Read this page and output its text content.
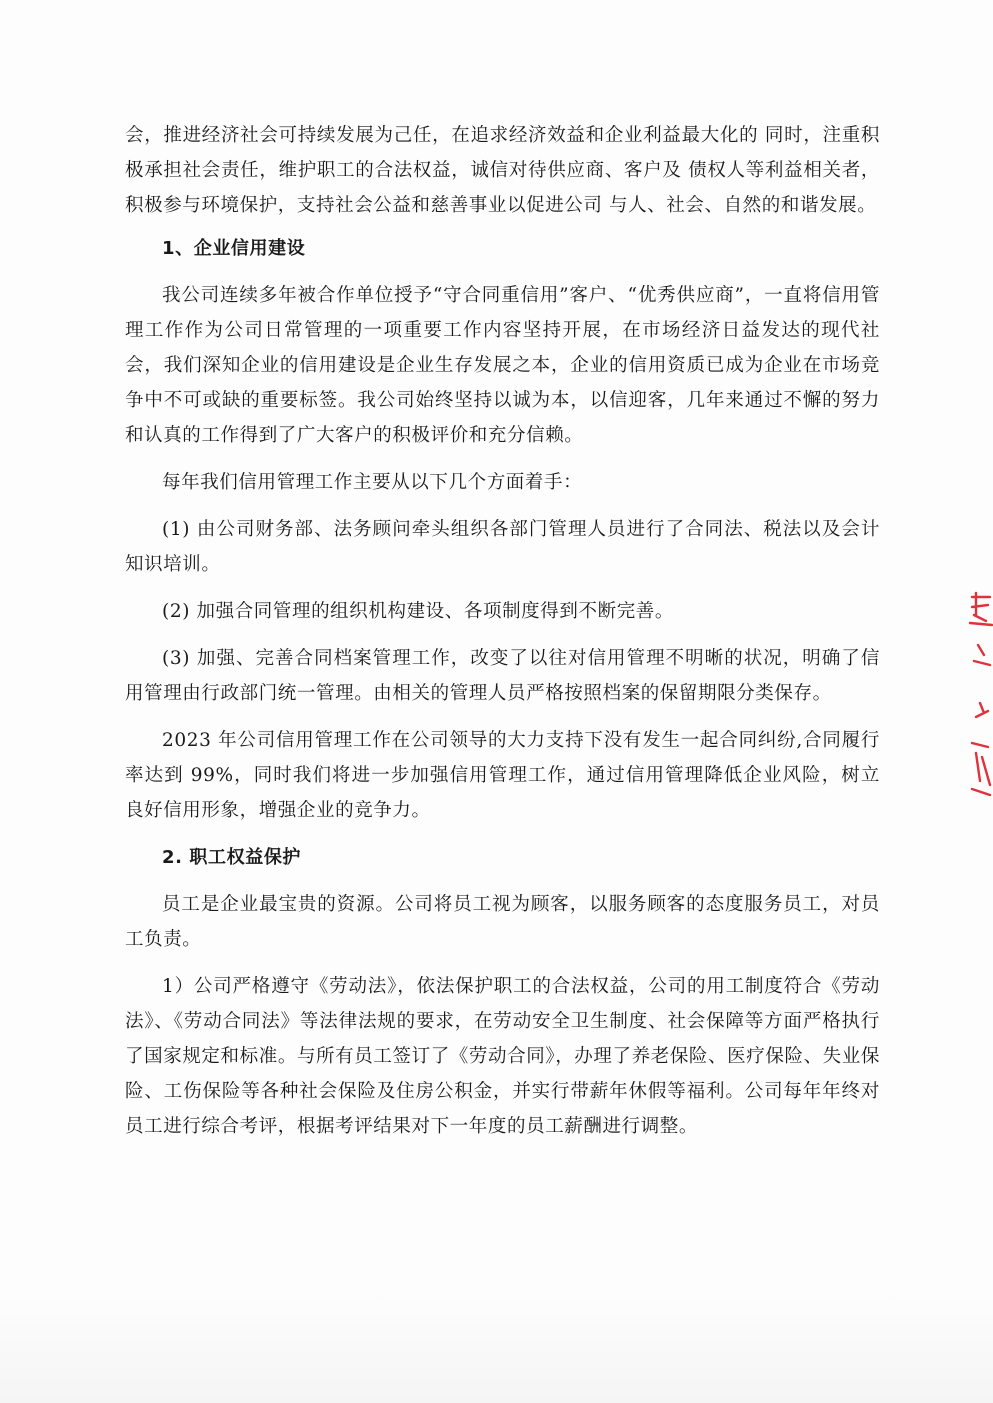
会，推进经济社会可持续发展为己任，在追求经济效益和企业利益最大化的 同时，注重积极承担社会责任，维护职工的合法权益，诚信对待供应商、客户及 债权人等利益相关者，积极参与环境保护，支持社会公益和慈善事业以促进公司 与人、社会、自然的和谐发展。

1、企业信用建设

我公司连续多年被合作单位授予“守合同重信用”客户、“优秀供应商”，一直将信用管理工作作为公司日常管理的一项重要工作内容坚持开展，在市场经济日益发达的现代社会，我们深知企业的信用建设是企业生存发展之本，企业的信用资质已成为企业在市场竞争中不可或缺的重要标签。我公司始终坚持以诚为本，以信迎客，几年来通过不懈的努力和认真的工作得到了广大客户的积极评价和充分信赖。

每年我们信用管理工作主要从以下几个方面着手：

(1) 由公司财务部、法务顾问牵头组织各部门管理人员进行了合同法、税法以及会计知识培训。

(2) 加强合同管理的组织机构建设、各项制度得到不断完善。

(3) 加强、完善合同档案管理工作，改变了以往对信用管理不明晰的状况，明确了信用管理由行政部门统一管理。由相关的管理人员严格按照档案的保留期限分类保存。

2023 年公司信用管理工作在公司领导的大力支持下没有发生一起合同纠纷,合同履行率达到 99%，同时我们将进一步加强信用管理工作，通过信用管理降低企业风险，树立良好信用形象，增强企业的竞争力。

2. 职工权益保护

员工是企业最宝贵的资源。公司将员工视为顾客，以服务顾客的态度服务员工，对员工负责。

1）公司严格遵守《劳动法》，依法保护职工的合法权益，公司的用工制度符合《劳动法》、《劳动合同法》等法律法规的要求，在劳动安全卫生制度、社会保障等方面严格执行了国家规定和标准。与所有员工签订了《劳动合同》，办理了养老保险、医疗保险、失业保险、工伤保险等各种社会保险及住房公积金，并实行带薪年休假等福利。公司每年年终对员工进行综合考评，根据考评结果对下一年度的员工薪酬进行调整。
